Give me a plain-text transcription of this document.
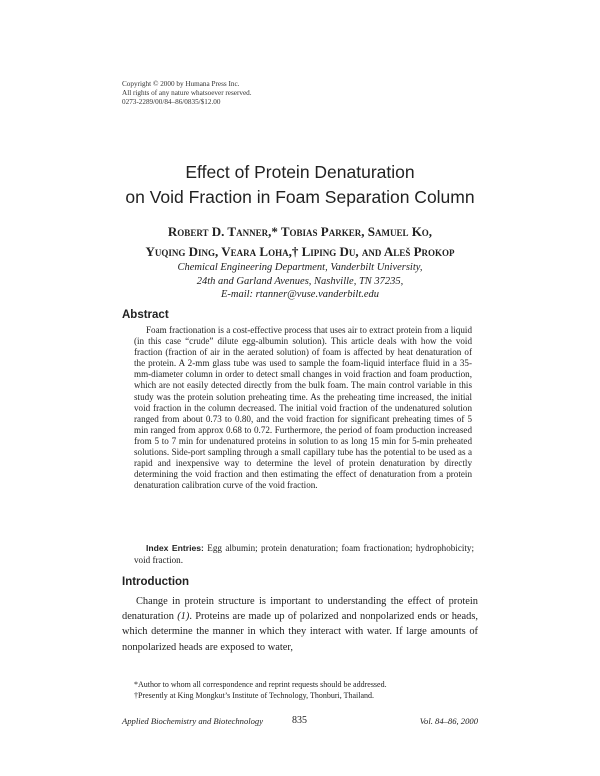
Copyright © 2000 by Humana Press Inc.
All rights of any nature whatsoever reserved.
0273-2289/00/84–86/0835/$12.00
Effect of Protein Denaturation
on Void Fraction in Foam Separation Column
Robert D. Tanner,* Tobias Parker, Samuel Ko,
Yuqing Ding, Veara Loha,† Liping Du, and Aleš Prokop
Chemical Engineering Department, Vanderbilt University,
24th and Garland Avenues, Nashville, TN 37235,
E-mail: rtanner@vuse.vanderbilt.edu
Abstract

Foam fractionation is a cost-effective process that uses air to extract protein from a liquid (in this case “crude” dilute egg-albumin solution). This article deals with how the void fraction (fraction of air in the aerated solution) of foam is affected by heat denaturation of the protein. A 2-mm glass tube was used to sample the foam-liquid interface fluid in a 35-mm-diameter column in order to detect small changes in void fraction and foam production, which are not easily detected directly from the bulk foam. The main control variable in this study was the protein solution preheating time. As the preheating time increased, the initial void fraction in the column decreased. The initial void fraction of the undenatured solution ranged from about 0.73 to 0.80, and the void fraction for significant preheating times of 5 min ranged from approx 0.68 to 0.72. Furthermore, the period of foam production increased from 5 to 7 min for undenatured proteins in solution to as long 15 min for 5-min preheated solutions. Side-port sampling through a small capillary tube has the potential to be used as a rapid and inexpensive way to determine the level of protein denaturation by directly determining the void fraction and then estimating the effect of denaturation from a protein denaturation calibration curve of the void fraction.

Index Entries: Egg albumin; protein denaturation; foam fractionation; hydrophobicity; void fraction.

Introduction

Change in protein structure is important to understanding the effect of protein denaturation (1). Proteins are made up of polarized and nonpolarized ends or heads, which determine the manner in which they interact with water. If large amounts of nonpolarized heads are exposed to water,

*Author to whom all correspondence and reprint requests should be addressed.
†Presently at King Mongkut’s Institute of Technology, Thonburi, Thailand.
Applied Biochemistry and Biotechnology	835	Vol. 84–86, 2000
